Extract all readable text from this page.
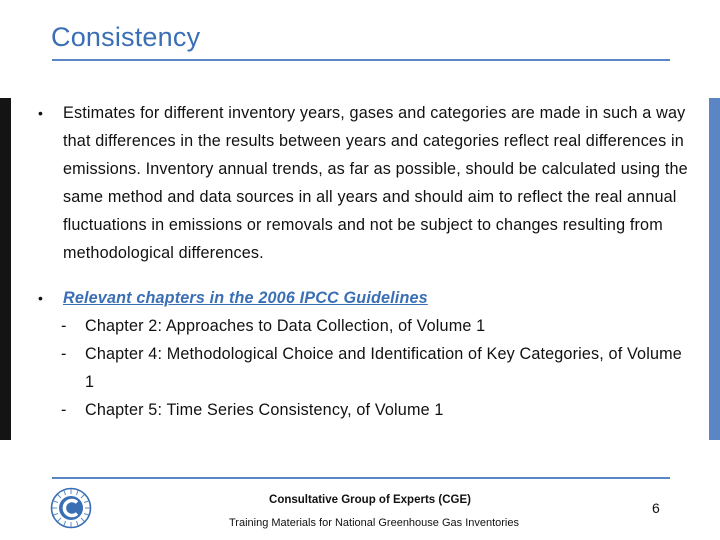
Consistency
• Estimates for different inventory years, gases and categories are made in such a way that differences in the results between years and categories reflect real differences in emissions. Inventory annual trends, as far as possible, should be calculated using the same method and data sources in all years and should aim to reflect the real annual fluctuations in emissions or removals and not be subject to changes resulting from methodological differences.
• Relevant chapters in the 2006 IPCC Guidelines
- Chapter 2: Approaches to Data Collection, of Volume 1
- Chapter 4: Methodological Choice and Identification of Key Categories, of Volume 1
- Chapter 5: Time Series Consistency, of Volume 1
Consultative Group of Experts (CGE)
Training Materials for National Greenhouse Gas Inventories
6
